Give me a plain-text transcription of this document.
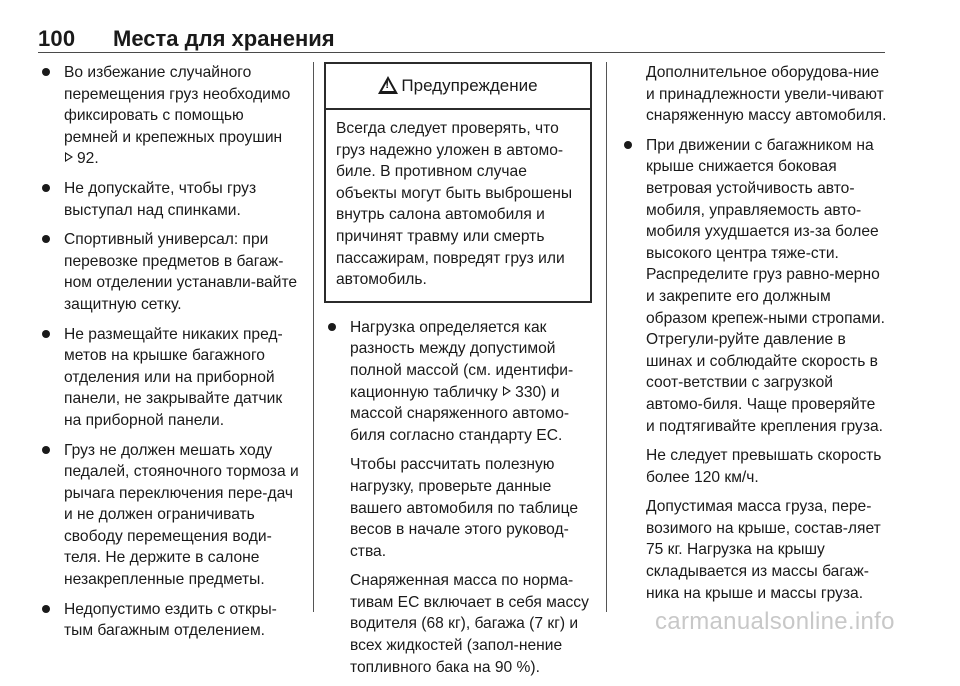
100 Места для хранения
Во избежание случайного перемещения груз необходимо фиксировать с помощью ремней и крепежных проушин
92.
Не допускайте, чтобы груз выступал над спинками.
Спортивный универсал: при перевозке предметов в багаж-ном отделении устанавли-вайте защитную сетку.
Не размещайте никаких пред-метов на крышке багажного отделения или на приборной панели, не закрывайте датчик на приборной панели.
Груз не должен мешать ходу педалей, стояночного тормоза и рычага переключения пере-дач и не должен ограничивать свободу перемещения води-теля. Не держите в салоне незакрепленные предметы.
Недопустимо ездить с откры-тым багажным отделением.
!
Предупреждение
Всегда следует проверять, что груз надежно уложен в автомо-биле. В противном случае объекты могут быть выброшены внутрь салона автомобиля и причинят травму или смерть пассажирам, повредят груз или автомобиль.
Нагрузка определяется как разность между допустимой полной массой (см. идентифи-кационную табличку 330) и массой снаряженного автомо-биля согласно стандарту ЕС.
Чтобы рассчитать полезную нагрузку, проверьте данные вашего автомобиля по таблице весов в начале этого руковод-ства.
Снаряженная масса по норма-тивам ЕС включает в себя массу водителя (68 кг), багажа (7 кг) и всех жидкостей (запол-нение топливного бака на 90 %).
Дополнительное оборудова-ние и принадлежности увели-чивают снаряженную массу автомобиля.
При движении с багажником на крыше снижается боковая ветровая устойчивость авто-мобиля, управляемость авто-мобиля ухудшается из-за более высокого центра тяже-сти. Распределите груз равно-мерно и закрепите его должным образом крепеж-ными стропами. Отрегули-руйте давление в шинах и соблюдайте скорость в соот-ветствии с загрузкой автомо-биля. Чаще проверяйте и подтягивайте крепления груза.
Не следует превышать скорость более 120 км/ч.
Допустимая масса груза, пере-возимого на крыше, состав-ляет 75 кг. Нагрузка на крышу складывается из массы багаж-ника на крыше и массы груза.
carmanualsonline.info
